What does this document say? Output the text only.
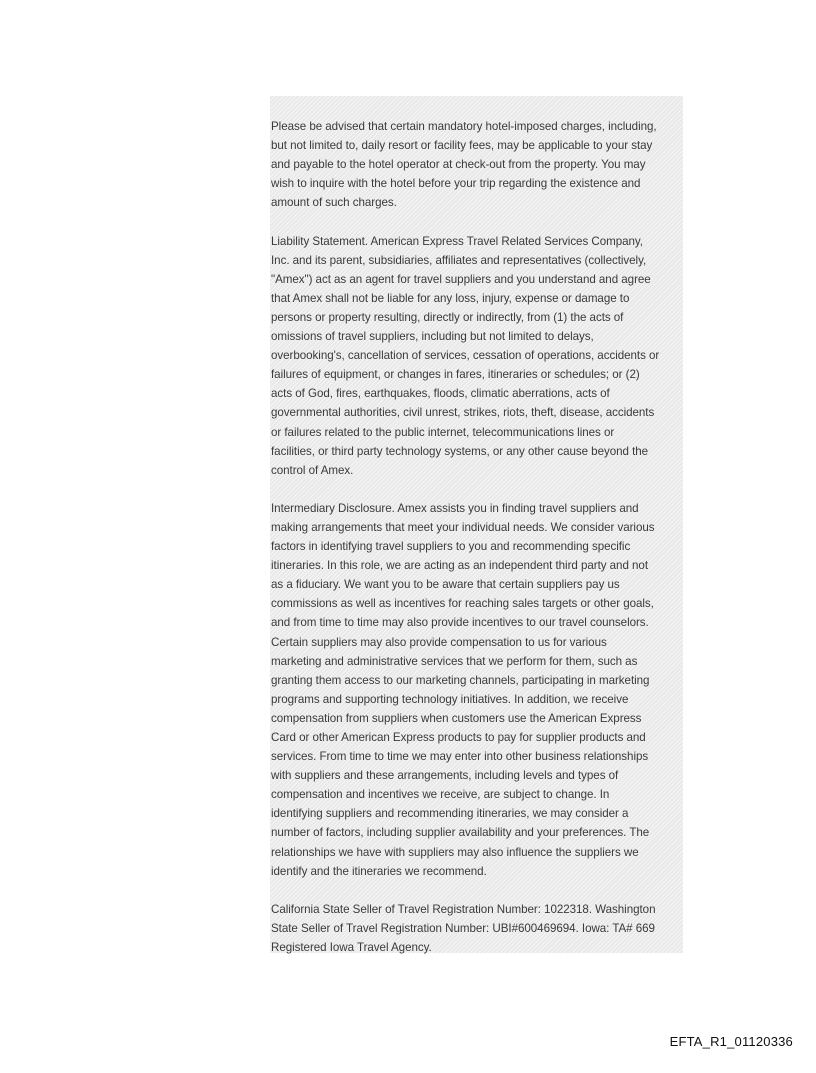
Please be advised that certain mandatory hotel-imposed charges, including,
but not limited to, daily resort or facility fees, may be applicable to your stay
and payable to the hotel operator at check-out from the property. You may
wish to inquire with the hotel before your trip regarding the existence and
amount of such charges.

Liability Statement. American Express Travel Related Services Company,
Inc. and its parent, subsidiaries, affiliates and representatives (collectively,
"Amex") act as an agent for travel suppliers and you understand and agree
that Amex shall not be liable for any loss, injury, expense or damage to
persons or property resulting, directly or indirectly, from (1) the acts of
omissions of travel suppliers, including but not limited to delays,
overbooking's, cancellation of services, cessation of operations, accidents or
failures of equipment, or changes in fares, itineraries or schedules; or (2)
acts of God, fires, earthquakes, floods, climatic aberrations, acts of
governmental authorities, civil unrest, strikes, riots, theft, disease, accidents
or failures related to the public internet, telecommunications lines or
facilities, or third party technology systems, or any other cause beyond the
control of Amex.

Intermediary Disclosure. Amex assists you in finding travel suppliers and
making arrangements that meet your individual needs. We consider various
factors in identifying travel suppliers to you and recommending specific
itineraries. In this role, we are acting as an independent third party and not
as a fiduciary. We want you to be aware that certain suppliers pay us
commissions as well as incentives for reaching sales targets or other goals,
and from time to time may also provide incentives to our travel counselors.
Certain suppliers may also provide compensation to us for various
marketing and administrative services that we perform for them, such as
granting them access to our marketing channels, participating in marketing
programs and supporting technology initiatives. In addition, we receive
compensation from suppliers when customers use the American Express
Card or other American Express products to pay for supplier products and
services. From time to time we may enter into other business relationships
with suppliers and these arrangements, including levels and types of
compensation and incentives we receive, are subject to change. In
identifying suppliers and recommending itineraries, we may consider a
number of factors, including supplier availability and your preferences. The
relationships we have with suppliers may also influence the suppliers we
identify and the itineraries we recommend.

California State Seller of Travel Registration Number: 1022318. Washington
State Seller of Travel Registration Number: UBI#600469694. Iowa: TA# 669
Registered Iowa Travel Agency.

EFTA_R1_01120336
